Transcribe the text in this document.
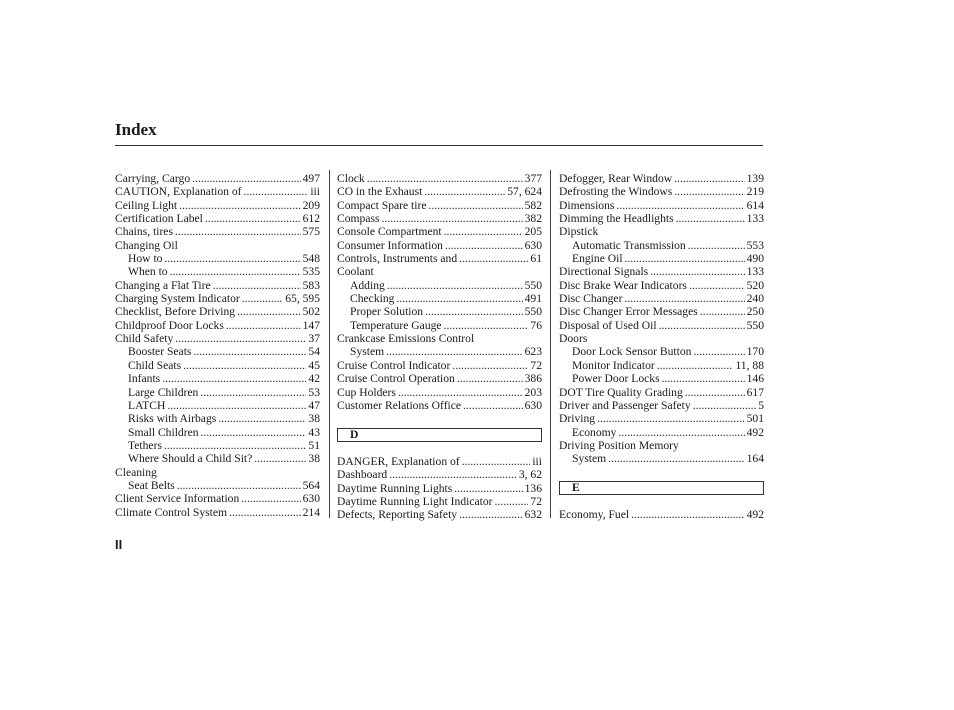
Index
Carrying, Cargo .....	497
CAUTION, Explanation of .....	iii
Ceiling Light .....	209
Certification Label .....	612
Chains, tires .....	575
Changing Oil
How to .....	548
When to .....	535
Changing a Flat Tire .....	583
Charging System Indicator .....	65, 595
Checklist, Before Driving .....	502
Childproof Door Locks .....	147
Child Safety .....	37
Booster Seats .....	54
Child Seats .....	45
Infants .....	42
Large Children .....	53
LATCH .....	47
Risks with Airbags .....	38
Small Children .....	43
Tethers .....	51
Where Should a Child Sit? .....	38
Cleaning
Seat Belts .....	564
Client Service Information .....	630
Climate Control System .....	214
Clock .....	377
CO in the Exhaust .....	57, 624
Compact Spare tire .....	582
Compass .....	382
Console Compartment .....	205
Consumer Information .....	630
Controls, Instruments and .....	61
Coolant
Adding .....	550
Checking .....	491
Proper Solution .....	550
Temperature Gauge .....	76
Crankcase Emissions Control
System .....	623
Cruise Control Indicator .....	72
Cruise Control Operation .....	386
Cup Holders .....	203
Customer Relations Office .....	630
D
DANGER, Explanation of .....	iii
Dashboard .....	3, 62
Daytime Running Lights .....	136
Daytime Running Light Indicator .....	72
Defects, Reporting Safety .....	632
Defogger, Rear Window .....	139
Defrosting the Windows .....	219
Dimensions .....	614
Dimming the Headlights .....	133
Dipstick
Automatic Transmission .....	553
Engine Oil .....	490
Directional Signals .....	133
Disc Brake Wear Indicators .....	520
Disc Changer .....	240
Disc Changer Error Messages .....	250
Disposal of Used Oil .....	550
Doors
Door Lock Sensor Button .....	170
Monitor Indicator .....	11, 88
Power Door Locks .....	146
DOT Tire Quality Grading .....	617
Driver and Passenger Safety .....	5
Driving .....	501
Economy .....	492
Driving Position Memory
System .....	164
E
Economy, Fuel .....	492
II
